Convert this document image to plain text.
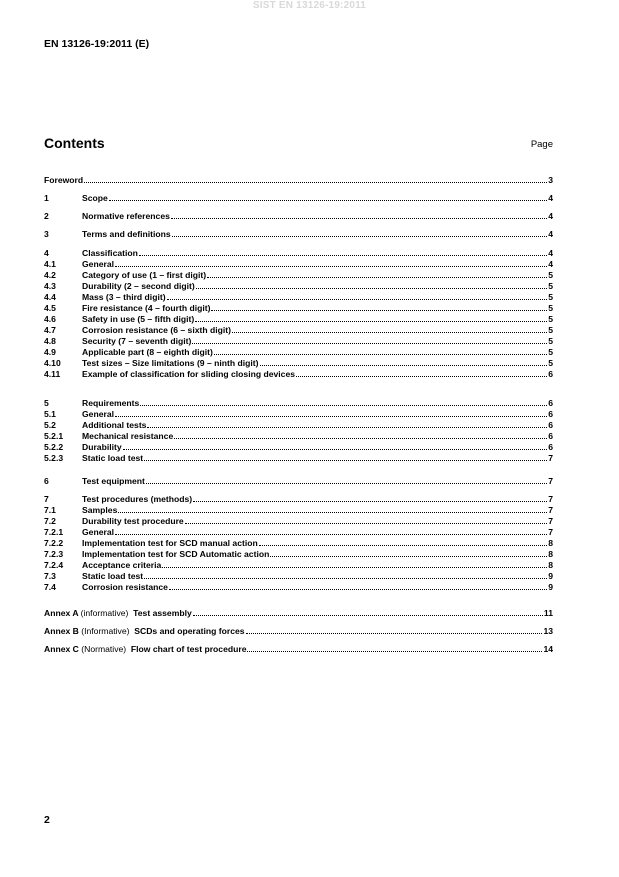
SIST EN 13126-19:2011
EN 13126-19:2011 (E)
Contents	Page
Foreword	3
1	Scope	4
2	Normative references	4
3	Terms and definitions	4
4	Classification	4
4.1	General	4
4.2	Category of use (1 – first digit)	5
4.3	Durability (2 – second digit)	5
4.4	Mass (3 – third digit)	5
4.5	Fire resistance (4 – fourth digit)	5
4.6	Safety in use (5 – fifth digit)	5
4.7	Corrosion resistance (6 – sixth digit)	5
4.8	Security (7 – seventh digit)	5
4.9	Applicable part (8 – eighth digit)	5
4.10	Test sizes – Size limitations (9 – ninth digit)	5
4.11	Example of classification for sliding closing devices	6
5	Requirements	6
5.1	General	6
5.2	Additional tests	6
5.2.1	Mechanical resistance	6
5.2.2	Durability	6
5.2.3	Static load test	7
6	Test equipment	7
7	Test procedures (methods)	7
7.1	Samples	7
7.2	Durability test procedure	7
7.2.1	General	7
7.2.2	Implementation test for SCD manual action	8
7.2.3	Implementation test for SCD Automatic action	8
7.2.4	Acceptance criteria	8
7.3	Static load test	9
7.4	Corrosion resistance	9
Annex A (informative) Test assembly	11
Annex B (Informative) SCDs and operating forces	13
Annex C (Normative) Flow chart of test procedure	14
2
